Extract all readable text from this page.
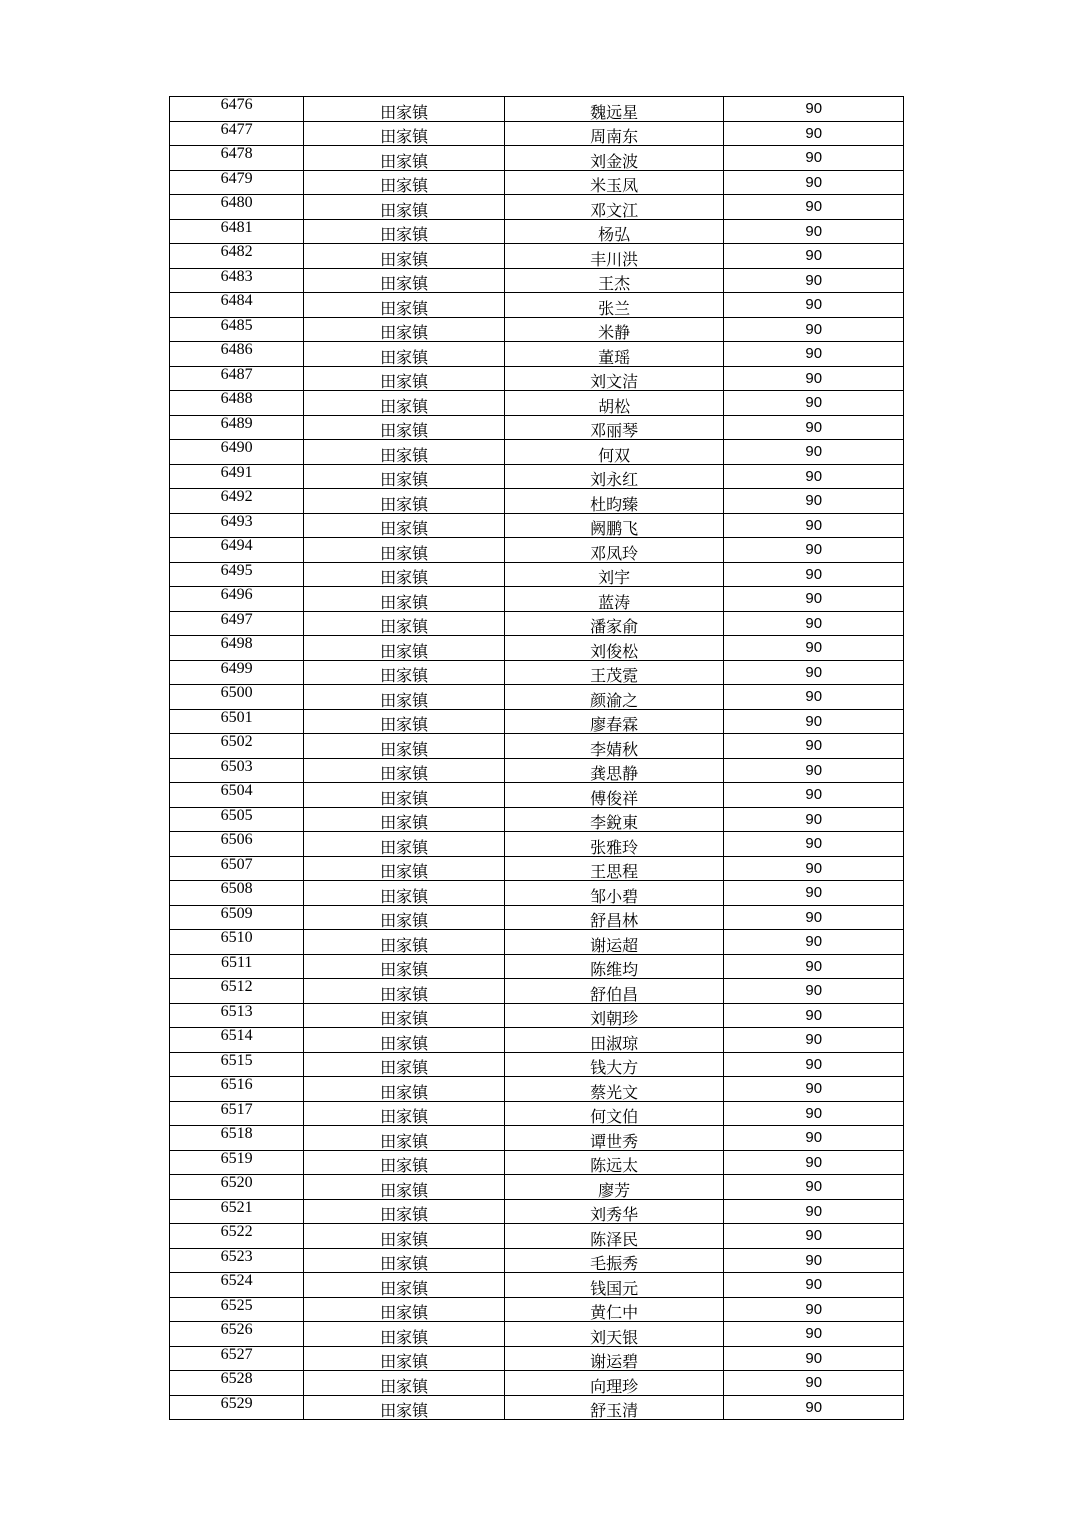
6476	田家镇	魏远星	90
6477	田家镇	周南东	90
6478	田家镇	刘金波	90
6479	田家镇	米玉凤	90
6480	田家镇	邓文江	90
6481	田家镇	杨弘	90
6482	田家镇	丰川洪	90
6483	田家镇	王杰	90
6484	田家镇	张兰	90
6485	田家镇	米静	90
6486	田家镇	董瑶	90
6487	田家镇	刘文洁	90
6488	田家镇	胡松	90
6489	田家镇	邓丽琴	90
6490	田家镇	何双	90
6491	田家镇	刘永红	90
6492	田家镇	杜昀臻	90
6493	田家镇	阙鹏飞	90
6494	田家镇	邓凤玲	90
6495	田家镇	刘宇	90
6496	田家镇	蓝涛	90
6497	田家镇	潘家俞	90
6498	田家镇	刘俊松	90
6499	田家镇	王茂霓	90
6500	田家镇	颜渝之	90
6501	田家镇	廖春霖	90
6502	田家镇	李婧秋	90
6503	田家镇	龚思静	90
6504	田家镇	傅俊祥	90
6505	田家镇	李銳東	90
6506	田家镇	张雅玲	90
6507	田家镇	王思程	90
6508	田家镇	邹小碧	90
6509	田家镇	舒昌林	90
6510	田家镇	谢运超	90
6511	田家镇	陈维均	90
6512	田家镇	舒伯昌	90
6513	田家镇	刘朝珍	90
6514	田家镇	田淑琼	90
6515	田家镇	钱大方	90
6516	田家镇	蔡光文	90
6517	田家镇	何文伯	90
6518	田家镇	谭世秀	90
6519	田家镇	陈远太	90
6520	田家镇	廖芳	90
6521	田家镇	刘秀华	90
6522	田家镇	陈泽民	90
6523	田家镇	毛振秀	90
6524	田家镇	钱国元	90
6525	田家镇	黄仁中	90
6526	田家镇	刘天银	90
6527	田家镇	谢运碧	90
6528	田家镇	向理珍	90
6529	田家镇	舒玉清	90
